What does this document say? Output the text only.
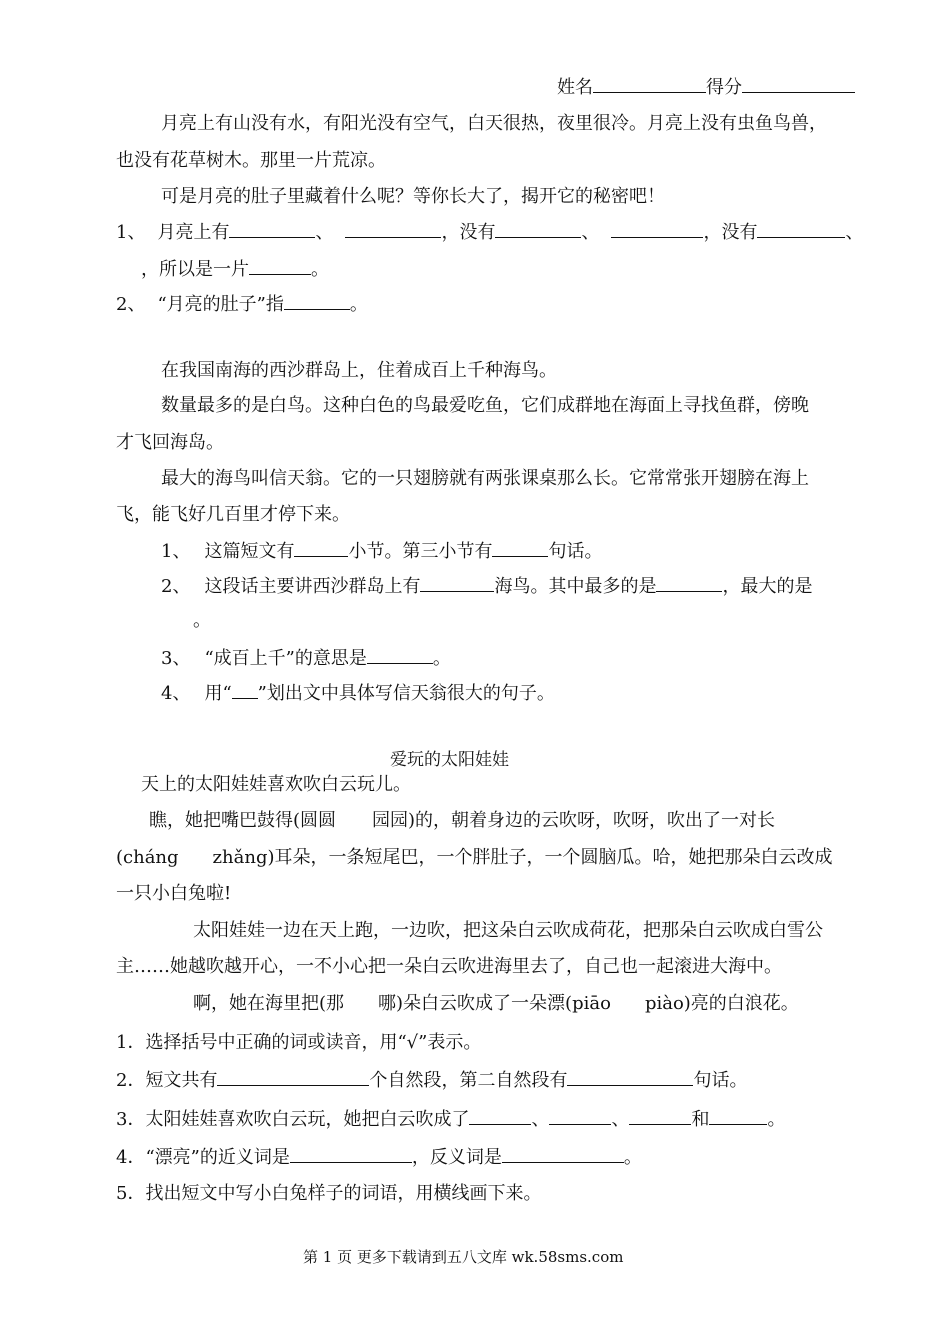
姓名	得分
月亮上有山没有水，有阳光没有空气，白天很热，夜里很冷。月亮上没有虫鱼鸟兽，
也没有花草树木。那里一片荒凉。
可是月亮的肚子里藏着什么呢？等你长大了，揭开它的秘密吧！
1、 月亮上有	、	，没有	、	，没有	、
，所以是一片	。
2、 “月亮的肚子”指	。
在我国南海的西沙群岛上，住着成百上千种海鸟。
数量最多的是白鸟。这种白色的鸟最爱吃鱼，它们成群地在海面上寻找鱼群，傍晚
才飞回海岛。
最大的海鸟叫信天翁。它的一只翅膀就有两张课桌那么长。它常常张开翅膀在海上
飞，能飞好几百里才停下来。
1、 这篇短文有	小节。第三小节有	句话。
2、 这段话主要讲西沙群岛上有	海鸟。其中最多的是	，最大的是
。
3、 “成百上千”的意思是	。
4、 用“ ”划出文中具体写信天翁很大的句子。
爱玩的太阳娃娃
天上的太阳娃娃喜欢吹白云玩儿。
瞧，她把嘴巴鼓得(圆圆 园园)的，朝着身边的云吹呀，吹呀，吹出了一对长
(cháng zhǎng)耳朵，一条短尾巴，一个胖肚子，一个圆脑瓜。哈，她把那朵白云改成
一只小白兔啦!
太阳娃娃一边在天上跑，一边吹，把这朵白云吹成荷花，把那朵白云吹成白雪公
主……她越吹越开心，一不小心把一朵白云吹进海里去了，自己也一起滚进大海中。
啊，她在海里把(那 哪)朵白云吹成了一朵漂(piāo piào)亮的白浪花。
1．选择括号中正确的词或读音，用“√”表示。
2．短文共有	个自然段，第二自然段有	句话。
3．太阳娃娃喜欢吹白云玩，她把白云吹成了	、	、	和	。
4．“漂亮”的近义词是	，反义词是	。
5．找出短文中写小白兔样子的词语，用横线画下来。
第 1 页 更多下载请到五八文库 wk.58sms.com
